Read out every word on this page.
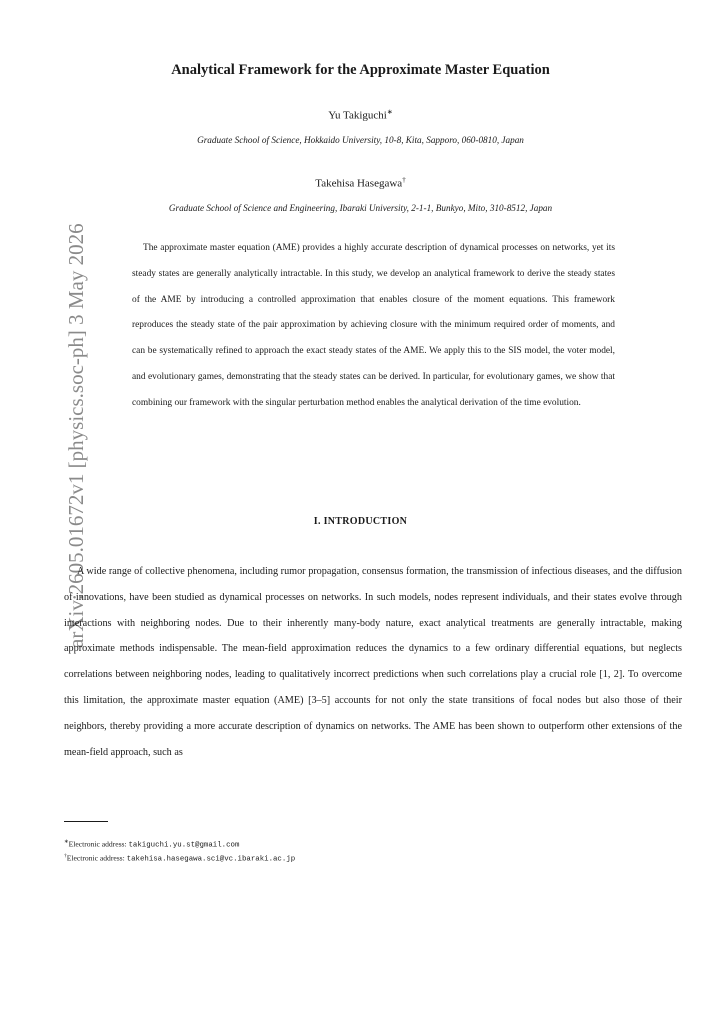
arXiv:2605.01672v1 [physics.soc-ph] 3 May 2026
Analytical Framework for the Approximate Master Equation
Yu Takiguchi∗
Graduate School of Science, Hokkaido University, 10-8, Kita, Sapporo, 060-0810, Japan
Takehisa Hasegawa†
Graduate School of Science and Engineering, Ibaraki University, 2-1-1, Bunkyo, Mito, 310-8512, Japan

The approximate master equation (AME) provides a highly accurate description of dynamical processes on networks, yet its steady states are generally analytically intractable. In this study, we develop an analytical framework to derive the steady states of the AME by introducing a controlled approximation that enables closure of the moment equations. This framework reproduces the steady state of the pair approximation by achieving closure with the minimum required order of moments, and can be systematically refined to approach the exact steady states of the AME. We apply this to the SIS model, the voter model, and evolutionary games, demonstrating that the steady states can be derived. In particular, for evolutionary games, we show that combining our framework with the singular perturbation method enables the analytical derivation of the time evolution.

I. INTRODUCTION

A wide range of collective phenomena, including rumor propagation, consensus formation, the transmission of infectious diseases, and the diffusion of innovations, have been studied as dynamical processes on networks. In such models, nodes represent individuals, and their states evolve through interactions with neighboring nodes. Due to their inherently many-body nature, exact analytical treatments are generally intractable, making approximate methods indispensable. The mean-field approximation reduces the dynamics to a few ordinary differential equations, but neglects correlations between neighboring nodes, leading to qualitatively incorrect predictions when such correlations play a crucial role [1, 2]. To overcome this limitation, the approximate master equation (AME) [3–5] accounts for not only the state transitions of focal nodes but also those of their neighbors, thereby providing a more accurate description of dynamics on networks. The AME has been shown to outperform other extensions of the mean-field approach, such as

∗Electronic address: takiguchi.yu.st@gmail.com
†Electronic address: takehisa.hasegawa.sci@vc.ibaraki.ac.jp
